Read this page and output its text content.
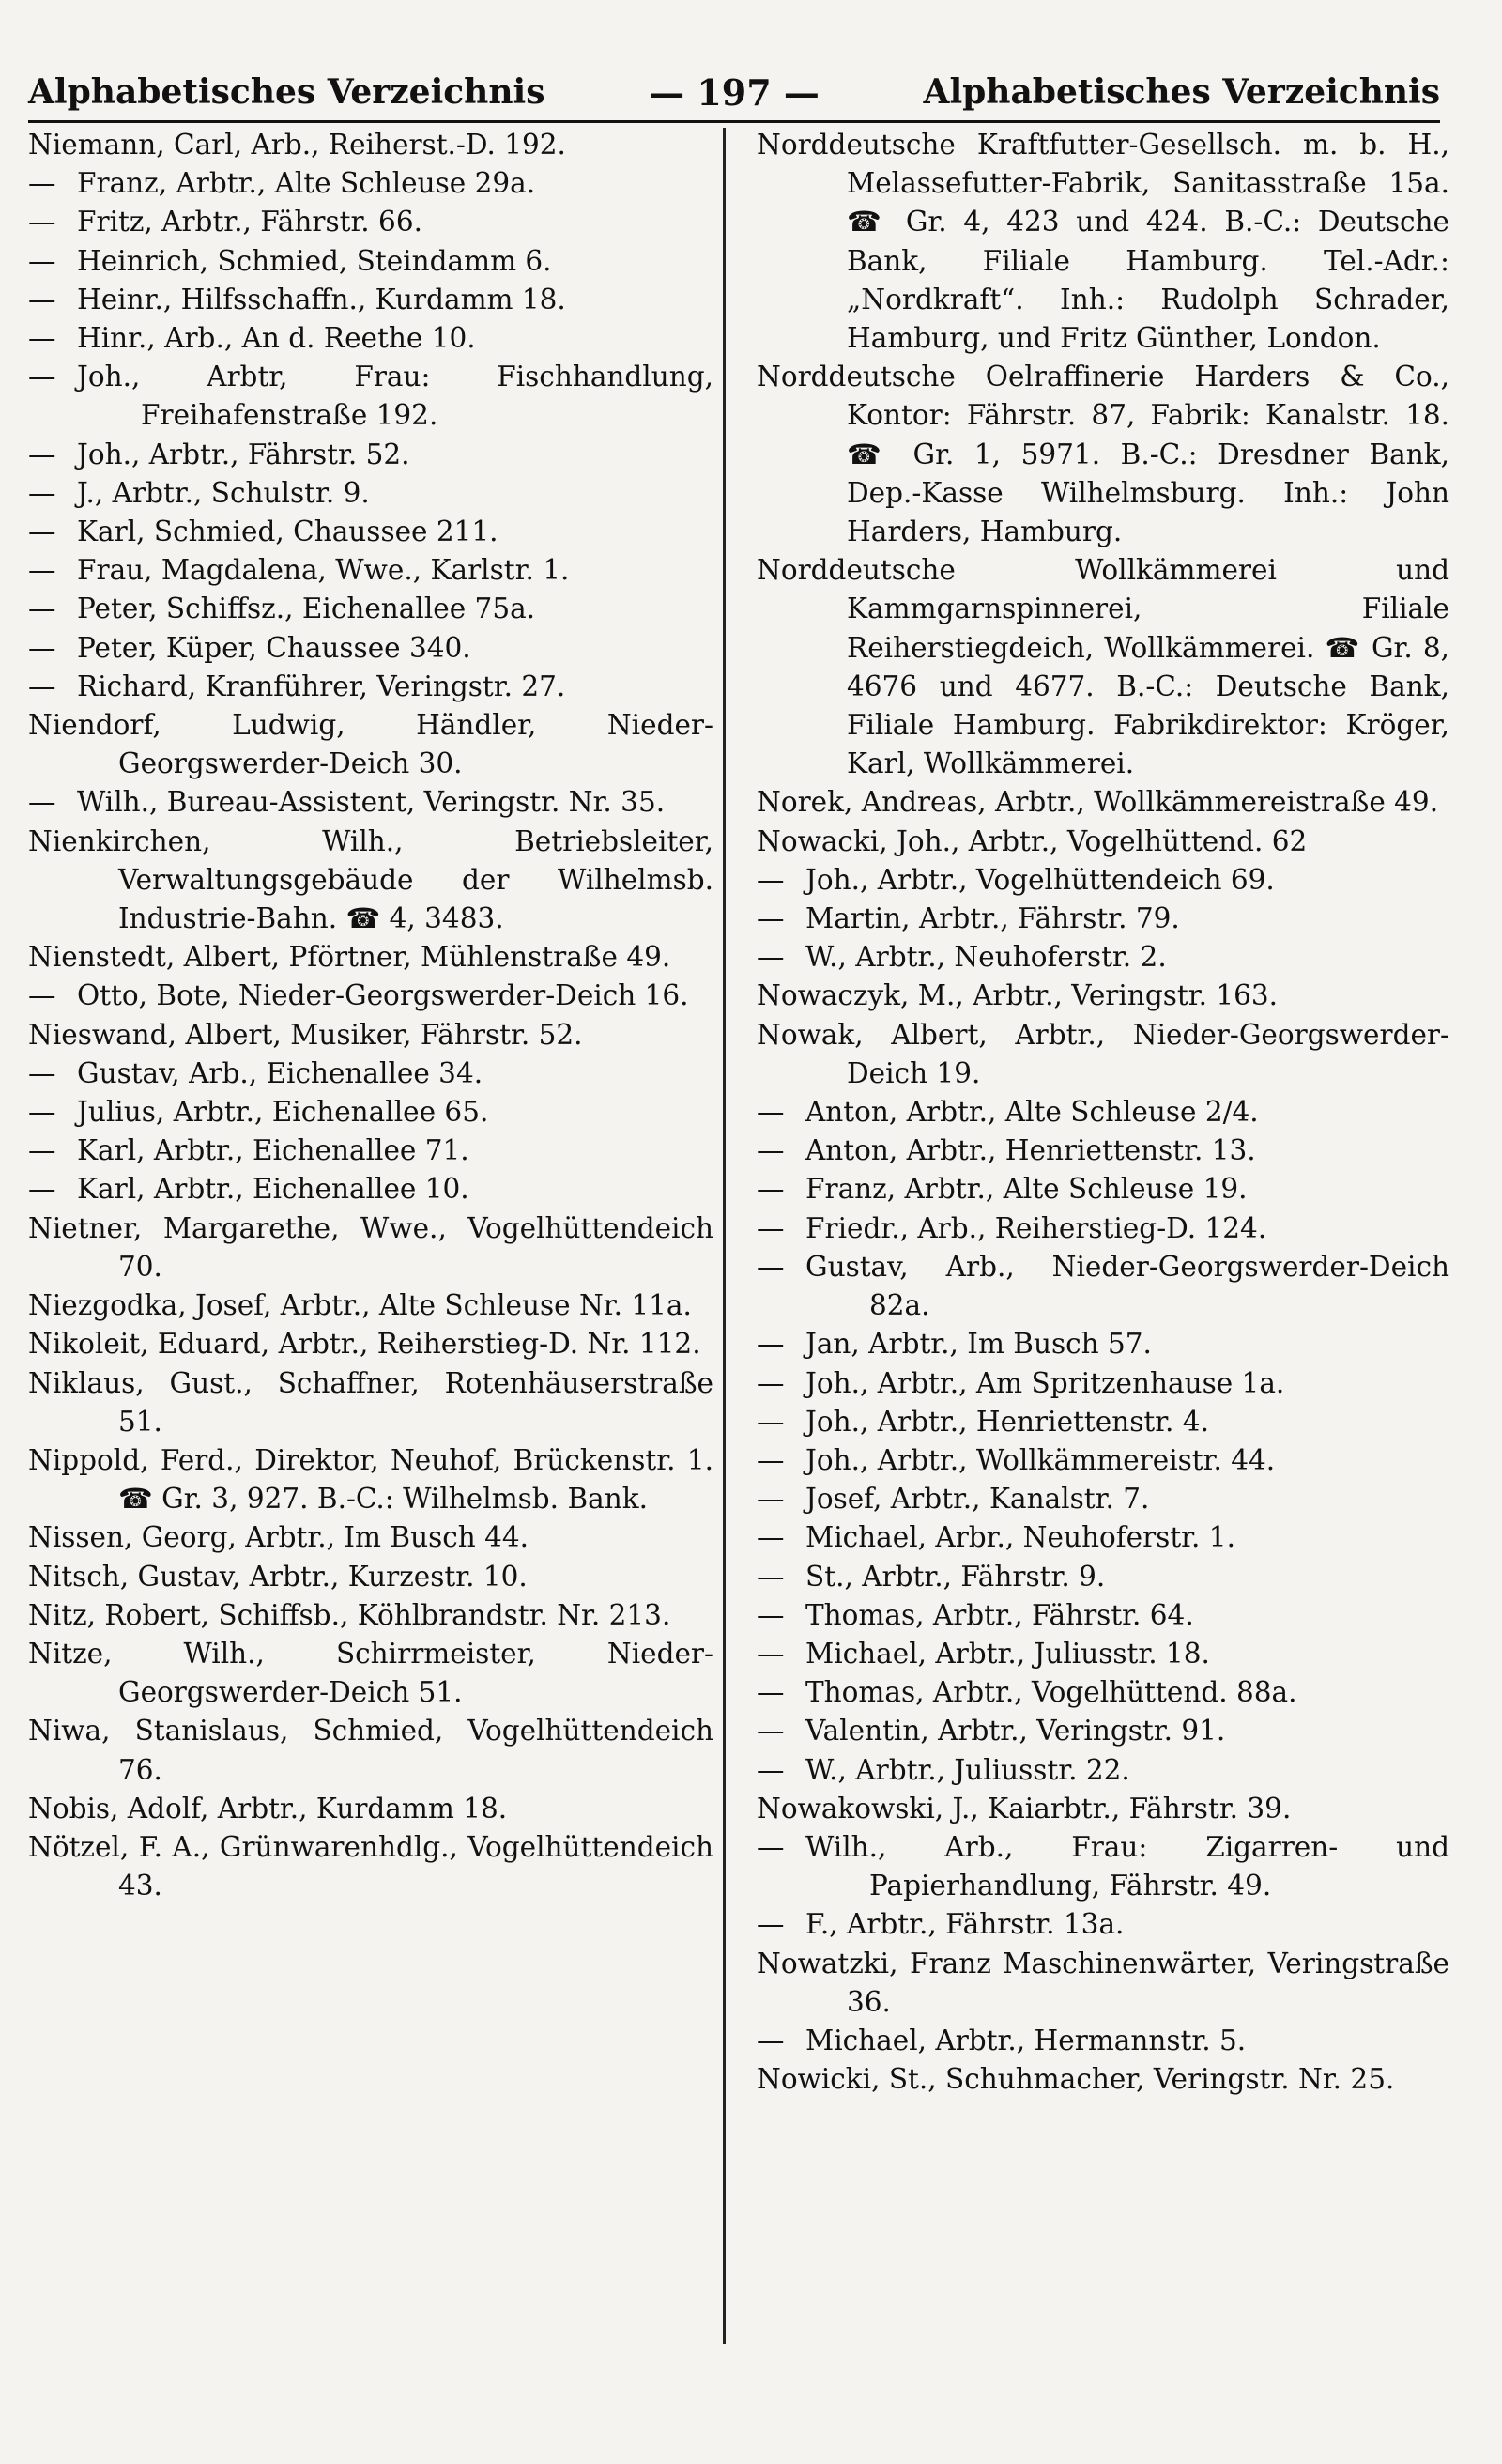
Alphabetisches Verzeichnis	— 197 —	Alphabetisches Verzeichnis

Niemann, Carl, Arb., Reiherst.-D. 192.

— Franz, Arbtr., Alte Schleuse 29a.

— Fritz, Arbtr., Fährstr. 66.

— Heinrich, Schmied, Steindamm 6.

— Heinr., Hilfsschaffn., Kurdamm 18.

— Hinr., Arb., An d. Reethe 10.

— Joh., Arbtr, Frau: Fischhandlung, Freihafenstraße 192.

— Joh., Arbtr., Fährstr. 52.

— J., Arbtr., Schulstr. 9.

— Karl, Schmied, Chaussee 211.

— Frau, Magdalena, Wwe., Karlstr. 1.

— Peter, Schiffsz., Eichenallee 75a.

— Peter, Küper, Chaussee 340.

— Richard, Kranführer, Veringstr. 27.

Niendorf, Ludwig, Händler, Nieder-Georgswerder-Deich 30.

— Wilh., Bureau-Assistent, Veringstr. Nr. 35.

Nienkirchen, Wilh., Betriebsleiter, Verwaltungsgebäude der Wilhelmsb. Industrie-Bahn. ☎ 4, 3483.

Nienstedt, Albert, Pförtner, Mühlenstraße 49.

— Otto, Bote, Nieder-Georgswerder-Deich 16.

Nieswand, Albert, Musiker, Fährstr. 52.

— Gustav, Arb., Eichenallee 34.

— Julius, Arbtr., Eichenallee 65.

— Karl, Arbtr., Eichenallee 71.

— Karl, Arbtr., Eichenallee 10.

Nietner, Margarethe, Wwe., Vogelhüttendeich 70.

Niezgodka, Josef, Arbtr., Alte Schleuse Nr. 11a.

Nikoleit, Eduard, Arbtr., Reiherstieg-D. Nr. 112.

Niklaus, Gust., Schaffner, Rotenhäuserstraße 51.

Nippold, Ferd., Direktor, Neuhof, Brückenstr. 1. ☎ Gr. 3, 927. B.-C.: Wilhelmsb. Bank.

Nissen, Georg, Arbtr., Im Busch 44.

Nitsch, Gustav, Arbtr., Kurzestr. 10.

Nitz, Robert, Schiffsb., Köhlbrandstr. Nr. 213.

Nitze, Wilh., Schirrmeister, Nieder-Georgswerder-Deich 51.

Niwa, Stanislaus, Schmied, Vogelhüttendeich 76.

Nobis, Adolf, Arbtr., Kurdamm 18.

Nötzel, F. A., Grünwarenhdlg., Vogelhüttendeich 43.

Norddeutsche Kraftfutter-Gesellsch. m. b. H., Melassefutter-Fabrik, Sanitasstraße 15a. ☎ Gr. 4, 423 und 424. B.-C.: Deutsche Bank, Filiale Hamburg. Tel.-Adr.: „Nordkraft“. Inh.: Rudolph Schrader, Hamburg, und Fritz Günther, London.

Norddeutsche Oelraffinerie Harders & Co., Kontor: Fährstr. 87, Fabrik: Kanalstr. 18. ☎ Gr. 1, 5971. B.-C.: Dresdner Bank, Dep.-Kasse Wilhelmsburg. Inh.: John Harders, Hamburg.

Norddeutsche Wollkämmerei und Kammgarnspinnerei, Filiale Reiherstiegdeich, Wollkämmerei. ☎ Gr. 8, 4676 und 4677. B.-C.: Deutsche Bank, Filiale Hamburg. Fabrikdirektor: Kröger, Karl, Wollkämmerei.

Norek, Andreas, Arbtr., Wollkämmereistraße 49.

Nowacki, Joh., Arbtr., Vogelhüttend. 62

— Joh., Arbtr., Vogelhüttendeich 69.

— Martin, Arbtr., Fährstr. 79.

— W., Arbtr., Neuhoferstr. 2.

Nowaczyk, M., Arbtr., Veringstr. 163.

Nowak, Albert, Arbtr., Nieder-Georgswerder-Deich 19.

— Anton, Arbtr., Alte Schleuse 2/4.

— Anton, Arbtr., Henriettenstr. 13.

— Franz, Arbtr., Alte Schleuse 19.

— Friedr., Arb., Reiherstieg-D. 124.

— Gustav, Arb., Nieder-Georgswerder-Deich 82a.

— Jan, Arbtr., Im Busch 57.

— Joh., Arbtr., Am Spritzenhause 1a.

— Joh., Arbtr., Henriettenstr. 4.

— Joh., Arbtr., Wollkämmereistr. 44.

— Josef, Arbtr., Kanalstr. 7.

— Michael, Arbr., Neuhoferstr. 1.

— St., Arbtr., Fährstr. 9.

— Thomas, Arbtr., Fährstr. 64.

— Michael, Arbtr., Juliusstr. 18.

— Thomas, Arbtr., Vogelhüttend. 88a.

— Valentin, Arbtr., Veringstr. 91.

— W., Arbtr., Juliusstr. 22.

Nowakowski, J., Kaiarbtr., Fährstr. 39.

— Wilh., Arb., Frau: Zigarren- und Papierhandlung, Fährstr. 49.

— F., Arbtr., Fährstr. 13a.

Nowatzki, Franz Maschinenwärter, Veringstraße 36.

— Michael, Arbtr., Hermannstr. 5.

Nowicki, St., Schuhmacher, Veringstr. Nr. 25.
